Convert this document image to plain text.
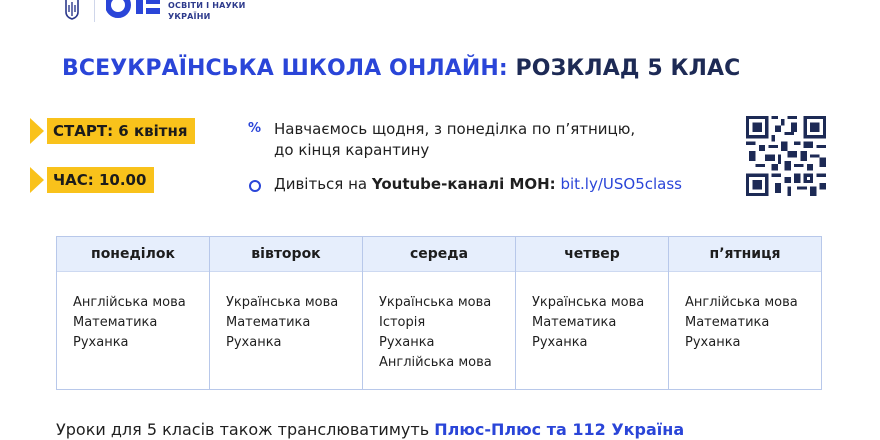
ОСВІТИ І НАУКИ
УКРАЇНИ
ВСЕУКРАЇНСЬКА ШКОЛА ОНЛАЙН: РОЗКЛАД 5 КЛАС
СТАРТ: 6 квітня
ЧАС: 10.00
% Навчаємось щодня, з понеділка по п’ятницю,
до кінця карантину
Дивіться на Youtube-каналі МОН: bit.ly/USO5class
понеділок
Англійська мова
Математика
Руханка
вівторок
Українська мова
Математика
Руханка
середа
Українська мова
Історія
Руханка
Англійська мова
четвер
Українська мова
Математика
Руханка
п’ятниця
Англійська мова
Математика
Руханка
Уроки для 5 класів також транслюватимуть Плюс-Плюс та 112 Україна
